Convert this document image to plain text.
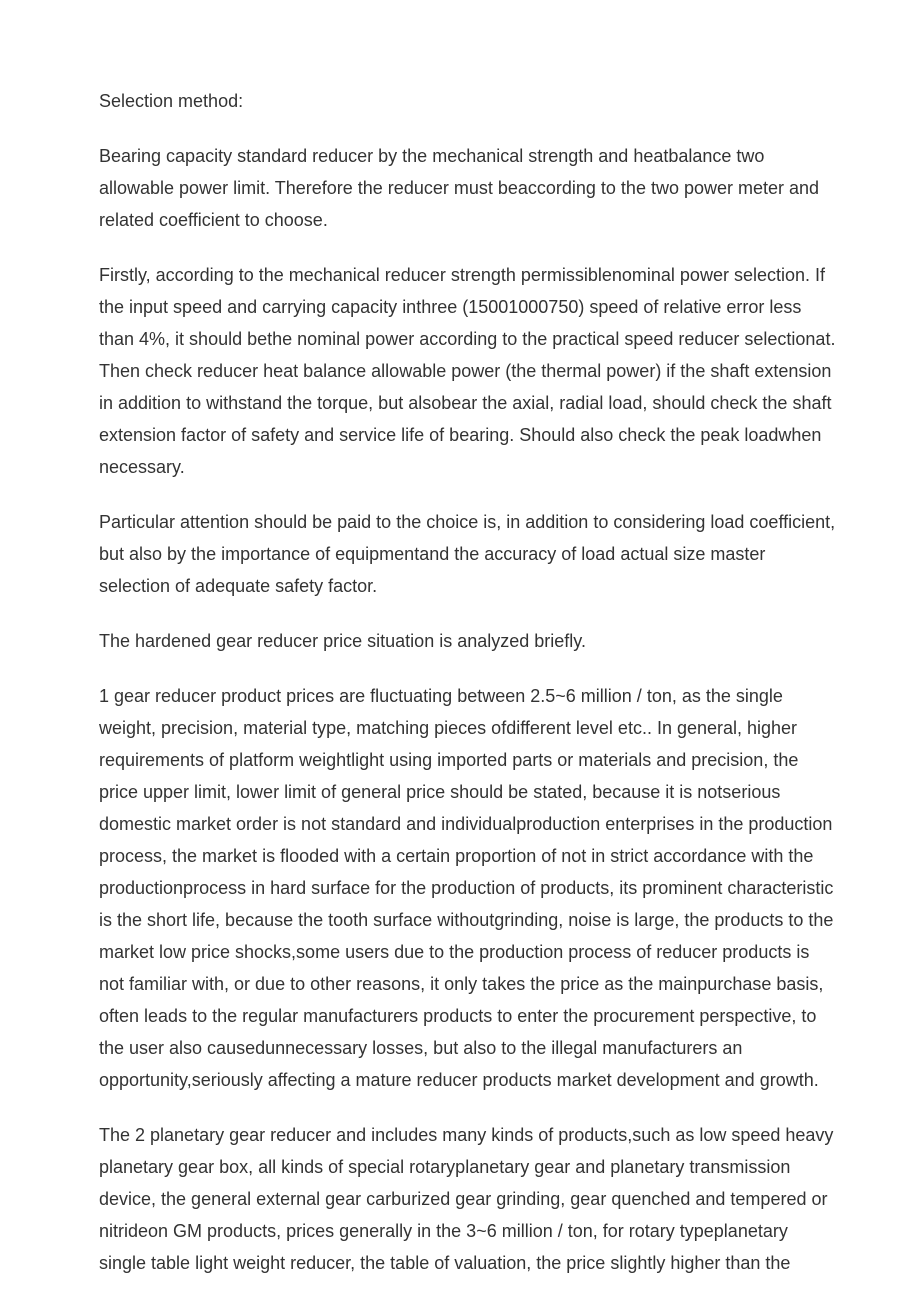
Selection method:

Bearing capacity standard reducer by the mechanical strength and heatbalance two
allowable power limit. Therefore the reducer must beaccording to the two power meter and
related coefficient to choose.

Firstly, according to the mechanical reducer strength permissiblenominal power selection. If
the input speed and carrying capacity inthree (15001000750) speed of relative error less
than 4%, it should bethe nominal power according to the practical speed reducer selectionat.
Then check reducer heat balance allowable power (the thermal power) if the shaft extension
in addition to withstand the torque, but alsobear the axial, radial load, should check the shaft
extension factor of safety and service life of bearing. Should also check the peak loadwhen
necessary.

Particular attention should be paid to the choice is, in addition to considering load coefficient,
but also by the importance of equipmentand the accuracy of load actual size master
selection of adequate safety factor.

The hardened gear reducer price situation is analyzed briefly.

1 gear reducer product prices are fluctuating between 2.5~6 million / ton, as the single
weight, precision, material type, matching pieces ofdifferent level etc.. In general, higher
requirements of platform weightlight using imported parts or materials and precision, the
price upper limit, lower limit of general price should be stated, because it is notserious
domestic market order is not standard and individualproduction enterprises in the production
process, the market is flooded with a certain proportion of not in strict accordance with the
productionprocess in hard surface for the production of products, its prominent characteristic
is the short life, because the tooth surface withoutgrinding, noise is large, the products to the
market low price shocks,some users due to the production process of reducer products is
not familiar with, or due to other reasons, it only takes the price as the mainpurchase basis,
often leads to the regular manufacturers products to enter the procurement perspective, to
the user also causedunnecessary losses, but also to the illegal manufacturers an
opportunity,seriously affecting a mature reducer products market development and growth.

The 2 planetary gear reducer and includes many kinds of products,such as low speed heavy
planetary gear box, all kinds of special rotaryplanetary gear and planetary transmission
device, the general external gear carburized gear grinding, gear quenched and tempered or
nitrideon GM products, prices generally in the 3~6 million / ton, for rotary typeplanetary
single table light weight reducer, the table of valuation, the price slightly higher than the
